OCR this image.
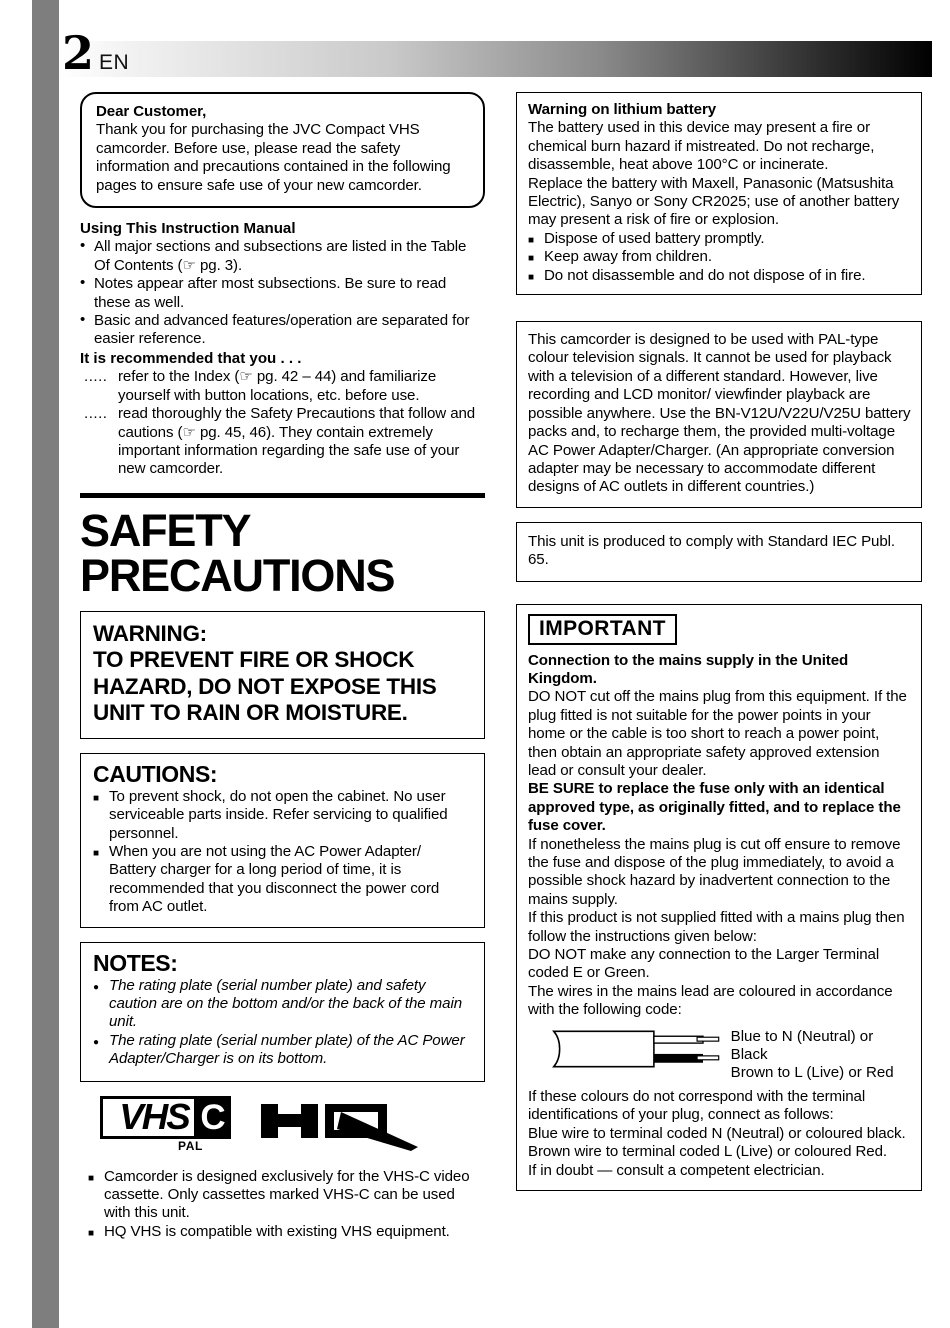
2 EN
Dear Customer,
Thank you for purchasing the JVC Compact VHS camcorder. Before use, please read the safety information and precautions contained in the following pages to ensure safe use of your new camcorder.
Using This Instruction Manual
• All major sections and subsections are listed in the Table Of Contents (☞ pg. 3).
• Notes appear after most subsections. Be sure to read these as well.
• Basic and advanced features/operation are separated for easier reference.
It is recommended that you . . .
..... refer to the Index (☞ pg. 42 – 44) and familiarize yourself with button locations, etc. before use.
..... read thoroughly the Safety Precautions that follow and cautions (☞ pg. 45, 46). They contain extremely important information regarding the safe use of your new camcorder.
SAFETY
PRECAUTIONS
WARNING:
TO PREVENT FIRE OR SHOCK HAZARD, DO NOT EXPOSE THIS UNIT TO RAIN OR MOISTURE.
CAUTIONS:
■ To prevent shock, do not open the cabinet. No user serviceable parts inside. Refer servicing to qualified personnel.
■ When you are not using the AC Power Adapter/ Battery charger for a long period of time, it is recommended that you disconnect the power cord from AC outlet.
NOTES:
● The rating plate (serial number plate) and safety caution are on the bottom and/or the back of the main unit.
● The rating plate (serial number plate) of the AC Power Adapter/Charger is on its bottom.
VHS C
PAL
■ Camcorder is designed exclusively for the VHS-C video cassette. Only cassettes marked VHS-C can be used with this unit.
■ HQ VHS is compatible with existing VHS equipment.
Warning on lithium battery
The battery used in this device may present a fire or chemical burn hazard if mistreated. Do not recharge, disassemble, heat above 100°C or incinerate.
Replace the battery with Maxell, Panasonic (Matsushita Electric), Sanyo or Sony CR2025; use of another battery may present a risk of fire or explosion.
■ Dispose of used battery promptly.
■ Keep away from children.
■ Do not disassemble and do not dispose of in fire.
This camcorder is designed to be used with PAL-type colour television signals. It cannot be used for playback with a television of a different standard. However, live recording and LCD monitor/ viewfinder playback are possible anywhere. Use the BN-V12U/V22U/V25U battery packs and, to recharge them, the provided multi-voltage AC Power Adapter/Charger. (An appropriate conversion adapter may be necessary to accommodate different designs of AC outlets in different countries.)
This unit is produced to comply with Standard IEC Publ. 65.
IMPORTANT
Connection to the mains supply in the United Kingdom.
DO NOT cut off the mains plug from this equipment. If the plug fitted is not suitable for the power points in your home or the cable is too short to reach a power point, then obtain an appropriate safety approved extension lead or consult your dealer.
BE SURE to replace the fuse only with an identical approved type, as originally fitted, and to replace the fuse cover.
If nonetheless the mains plug is cut off ensure to remove the fuse and dispose of the plug immediately, to avoid a possible shock hazard by inadvertent connection to the mains supply.
If this product is not supplied fitted with a mains plug then follow the instructions given below:
DO NOT make any connection to the Larger Terminal coded E or Green.
The wires in the mains lead are coloured in accordance with the following code:
Blue to N (Neutral) or Black
Brown to L (Live) or Red
If these colours do not correspond with the terminal identifications of your plug, connect as follows:
Blue wire to terminal coded N (Neutral) or coloured black.
Brown wire to terminal coded L (Live) or coloured Red.
If in doubt — consult a competent electrician.
